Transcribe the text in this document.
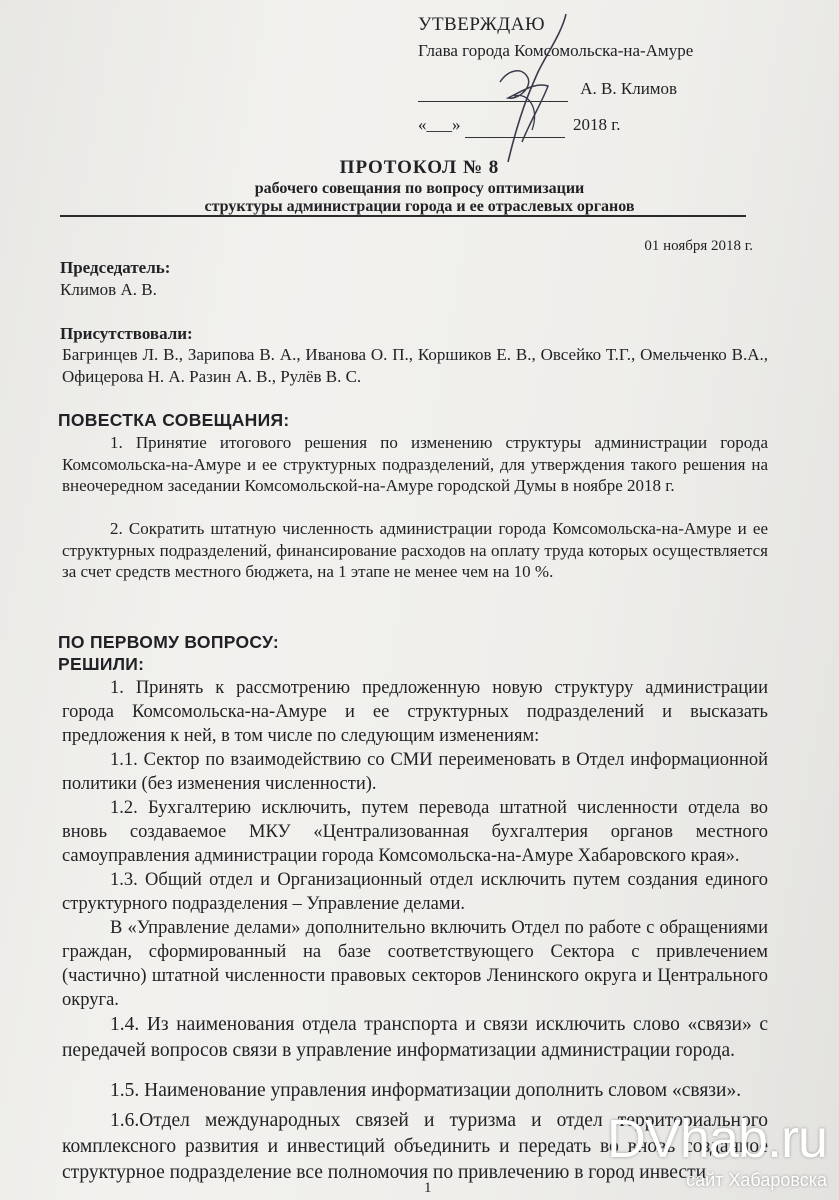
УТВЕРЖДАЮ
Глава города Комсомольска-на-Амуре
А. В. Климов
«___»	2018 г.
ПРОТОКОЛ № 8
рабочего совещания по вопросу оптимизации
структуры администрации города и ее отраслевых органов
01 ноября 2018 г.
Председатель:
Климов А. В.
Присутствовали:
Багринцев Л. В., Зарипова В. А., Иванова О. П., Коршиков Е. В., Овсейко Т.Г., Омельченко В.А., Офицерова Н. А. Разин А. В., Рулёв В. С.
ПОВЕСТКА СОВЕЩАНИЯ:
1. Принятие итогового решения по изменению структуры администрации города Комсомольска-на-Амуре и ее структурных подразделений, для утверждения такого решения на внеочередном заседании Комсомольской-на-Амуре городской Думы в ноябре 2018 г.
2. Сократить штатную численность администрации города Комсомольска-на-Амуре и ее структурных подразделений, финансирование расходов на оплату труда которых осуществляется за счет средств местного бюджета, на 1 этапе не менее чем на 10 %.
ПО ПЕРВОМУ ВОПРОСУ:
РЕШИЛИ:
1. Принять к рассмотрению предложенную новую структуру администрации города Комсомольска-на-Амуре и ее структурных подразделений и высказать предложения к ней, в том числе по следующим изменениям:
1.1. Сектор по взаимодействию со СМИ переименовать в Отдел информационной политики (без изменения численности).
1.2. Бухгалтерию исключить, путем перевода штатной численности отдела во вновь создаваемое МКУ «Централизованная бухгалтерия органов местного самоуправления администрации города Комсомольска-на-Амуре Хабаровского края».
1.3. Общий отдел и Организационный отдел исключить путем создания единого структурного подразделения – Управление делами.
В «Управление делами» дополнительно включить Отдел по работе с обращениями граждан, сформированный на базе соответствующего Сектора с привлечением (частично) штатной численности правовых секторов Ленинского округа и Центрального округа.
1.4. Из наименования отдела транспорта и связи исключить слово «связи» с передачей вопросов связи в управление информатизации администрации города.
1.5. Наименование управления информатизации дополнить словом «связи».
1.6.Отдел международных связей и туризма и отдел территориального комплексного развития и инвестиций объединить и передать во вновь созданное структурное подразделение все полномочия по привлечению в город инвести
1
DVhab.ru
сайт Хабаровска
